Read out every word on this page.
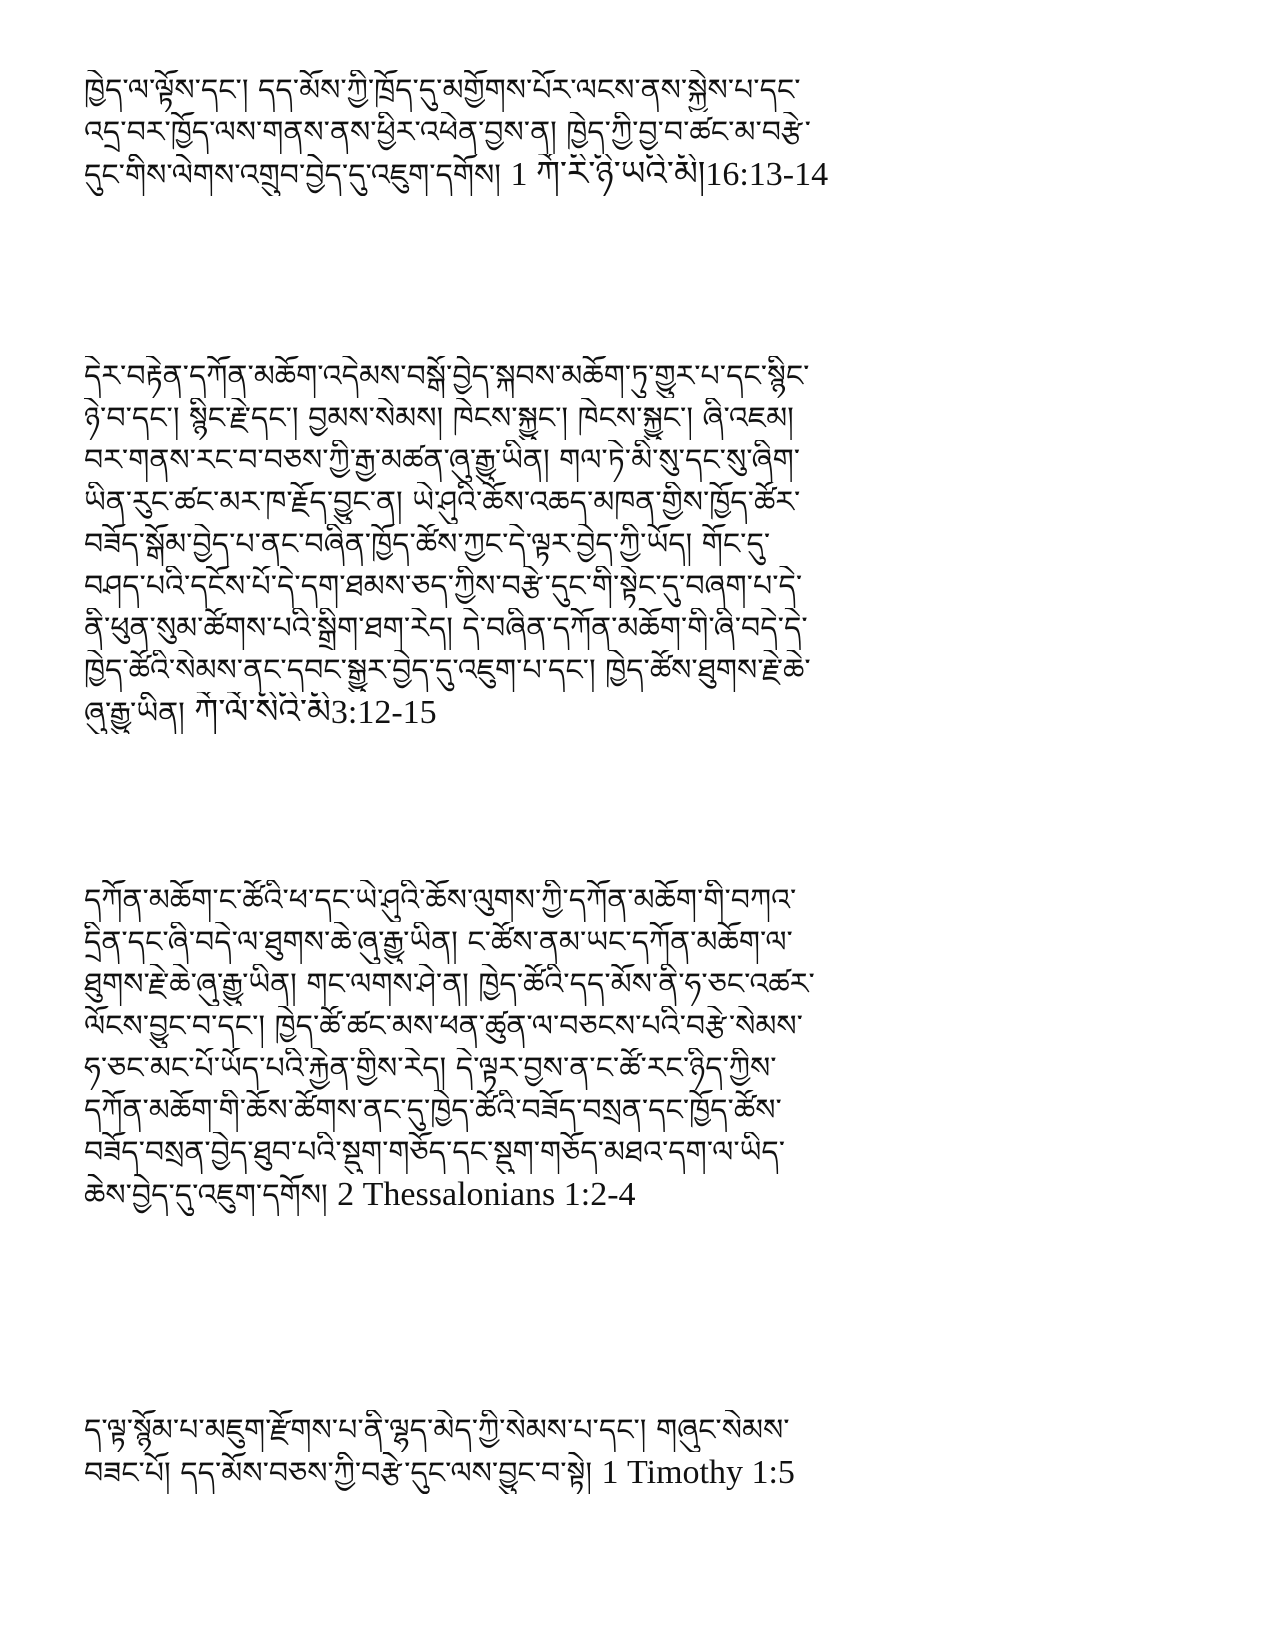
ཁྱེད་ལ་ལྟོས་དང་། དད་མོས་ཀྱི་ཁྲོད་དུ་མགྱོགས་པོར་ལངས་ནས་སྐྱེས་པ་དང་
འདྲ་བར་ཁྱོད་ལས་གནས་ནས་ཕྱིར་འཕེན་བྱས་ན། ཁྱེད་ཀྱི་བྱ་བ་ཚང་མ་བརྩེ་
དུང་གིས་ལེགས་འགྲུབ་བྱེད་དུ་འཇུག་དགོས། 1 ཀོ་རི་ཉི་ཡའི་མི།16:13-14
དེར་བརྟེན་དཀོན་མཆོག་འདེམས་བསྒོ་བྱེད་སྐབས་མཆོག་ཏུ་གྱུར་པ་དང་སྙིང་
ཉེ་བ་དང་། སྙིང་རྗེ་དང་། བྱམས་སེམས། ཁེངས་སྐྱུང་། ཁེངས་སྐྱུང་། ཞི་འཇམ།
བར་གནས་རང་བ་བཅས་ཀྱི་རྒྱ་མཚན་ཞུ་རྒྱུ་ཡིན། གལ་ཏེ་མི་སུ་དང་སུ་ཞིག་
ཡིན་རུང་ཚང་མར་ཁ་རྗོད་བྱུང་ན། ཡེ་ཤུའི་ཆོས་འཆད་མཁན་གྱིས་ཁྱོད་ཚོར་
བཟོད་སྒོམ་བྱེད་པ་ནང་བཞིན་ཁྱོད་ཚོས་ཀྱང་དེ་ལྟར་བྱེད་ཀྱི་ཡོད། གོང་དུ་
བཤད་པའི་དངོས་པོ་དེ་དག་ཐམས་ཅད་ཀྱིས་བརྩེ་དུང་གི་སྟེང་དུ་བཞག་པ་དེ་
ནི་ཕུན་སུམ་ཚོགས་པའི་སྒྲིག་ཐག་རེད། དེ་བཞིན་དཀོན་མཆོག་གི་ཞི་བདེ་དེ་
ཁྱེད་ཚོའི་སེམས་ནང་དབང་སྒྱུར་བྱེད་དུ་འཇུག་པ་དང་། ཁྱེད་ཚོས་ཐུགས་རྗེ་ཆེ་
ཞུ་རྒྱུ་ཡིན། ཀོ་ལོ་སིའི་མི3:12-15
དཀོན་མཆོག་ང་ཚོའི་ཕ་དང་ཡེ་ཤུའི་ཆོས་ལུགས་ཀྱི་དཀོན་མཆོག་གི་བཀའ་
དྲིན་དང་ཞི་བདེ་ལ་ཐུགས་ཆེ་ཞུ་རྒྱུ་ཡིན། ང་ཚོས་ནམ་ཡང་དཀོན་མཆོག་ལ་
ཐུགས་རྗེ་ཆེ་ཞུ་རྒྱུ་ཡིན། གང་ལགས་ཤེ་ན། ཁྱེད་ཚོའི་དད་མོས་ནི་ཧ་ཅང་འཚར་
ལོངས་བྱུང་བ་དང་། ཁྱེད་ཚོ་ཚང་མས་ཕན་ཚུན་ལ་བཅངས་པའི་བརྩེ་སེམས་
ཧ་ཅང་མང་པོ་ཡོད་པའི་རྐྱེན་གྱིས་རེད། དེ་ལྟར་བྱས་ན་ང་ཚོ་རང་ཉིད་ཀྱིས་
དཀོན་མཆོག་གི་ཆོས་ཚོགས་ནང་དུ་ཁྱེད་ཚོའི་བཟོད་བསྲན་དང་ཁྱོད་ཚོས་
བཟོད་བསྲན་བྱེད་ཐུབ་པའི་སྡུག་གཅོད་དང་སྡུག་གཅོད་མཐའ་དག་ལ་ཡིད་
ཆེས་བྱེད་དུ་འཇུག་དགོས། 2 Thessalonians 1:2-4
ད་ལྟ་སྙོམ་པ་མཇུག་རྫོགས་པ་ནི་ལྷད་མེད་ཀྱི་སེམས་པ་དང་། གཞུང་སེམས་
བཟང་པོ། དད་མོས་བཅས་ཀྱི་བརྩེ་དུང་ལས་བྱུང་བ་སྟེ། 1 Timothy 1:5
